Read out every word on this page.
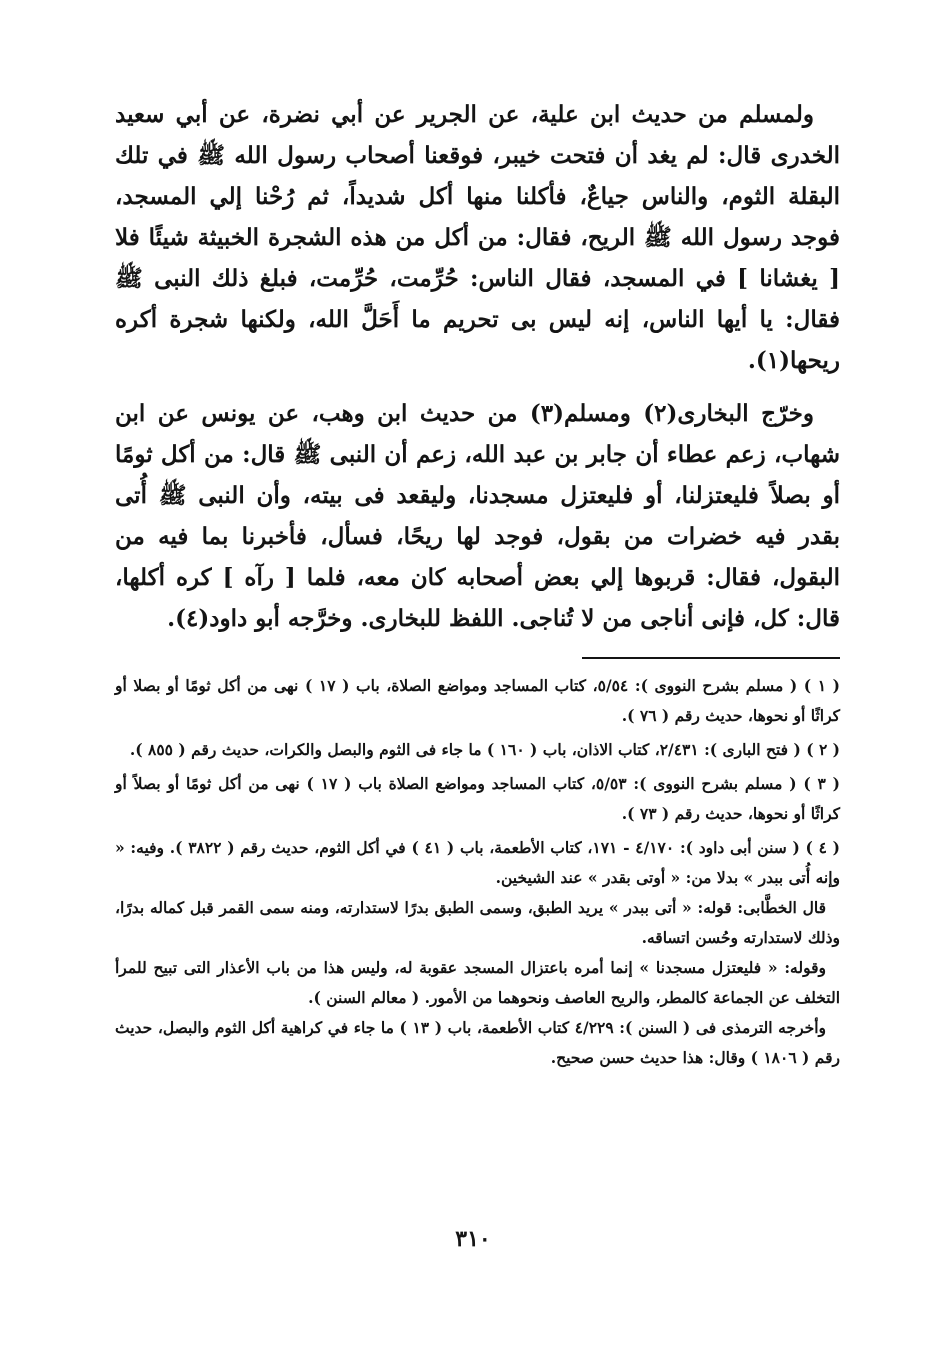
ولمسلم من حديث ابن علية، عن الجرير عن أبي نضرة، عن أبي سعيد الخدرى قال: لم يغد أن فتحت خيبر، فوقعنا أصحاب رسول الله ﷺ في تلك البقلة الثوم، والناس جياعٌ، فأكلنا منها أكل شديداً، ثم رُحْنا إلي المسجد، فوجد رسول الله ﷺ الريح، فقال: من أكل من هذه الشجرة الخبيثة شيئًا فلا [ يغشانا ] في المسجد، فقال الناس: حُرِّمت، حُرِّمت، فبلغ ذلك النبى ﷺ فقال: يا أيها الناس، إنه ليس بى تحريم ما أَحَلَّ الله، ولكنها شجرة أكره ريحها(١).

وخرّج البخارى(٢) ومسلم(٣) من حديث ابن وهب، عن يونس عن ابن شهاب، زعم عطاء أن جابر بن عبد الله، زعم أن النبى ﷺ قال: من أكل ثومًا أو بصلاً فليعتزلنا، أو فليعتزل مسجدنا، وليقعد فى بيته، وأن النبى ﷺ أُتى بقدر فيه خضرات من بقول، فوجد لها ريحًا، فسأل، فأخبرنا بما فيه من البقول، فقال: قربوها إلي بعض أصحابه كان معه، فلما [ رآه ] كره أكلها، قال: كل، فإنى أناجى من لا تُناجى. اللفظ للبخارى. وخرَّجه أبو داود(٤).

( ١ ) ( مسلم بشرح النووى ): ٥/٥٤، كتاب المساجد ومواضع الصلاة، باب ( ١٧ ) نهى من أكل ثومًا أو بصلا أو كراثًا أو نحوها، حديث رقم ( ٧٦ ).

( ٢ ) ( فتح البارى ): ٢/٤٣١، كتاب الاذان، باب ( ١٦٠ ) ما جاء فى الثوم والبصل والكرات، حديث رقم ( ٨٥٥ ).

( ٣ ) ( مسلم بشرح النووى ): ٥/٥٣، كتاب المساجد ومواضع الصلاة باب ( ١٧ ) نهى من أكل ثومًا أو بصلاً أو كراثًا أو نحوها، حديث رقم ( ٧٣ ).

( ٤ ) ( سنن أبى داود ): ٤/١٧٠ - ١٧١، كتاب الأطعمة، باب ( ٤١ ) في أكل الثوم، حديث رقم ( ٣٨٢٢ ). وفيه: « وإنه أُتى ببدر » بدلا من: « أوتى بقدر » عند الشيخين.

قال الخطَّابى: قوله: « أتى ببدر » يريد الطبق، وسمى الطبق بدرًا لاستدارته، ومنه سمى القمر قبل كماله بدرًا، وذلك لاستدارته وحُسن اتساقه.

وقوله: « فليعتزل مسجدنا » إنما أمره باعتزال المسجد عقوبة له، وليس هذا من باب الأعذار التى تبيح للمرأ التخلف عن الجماعة كالمطر، والريح العاصف ونحوهما من الأمور. ( معالم السنن ).

وأخرجه الترمذى فى ( السنن ): ٤/٢٢٩ كتاب الأطعمة، باب ( ١٣ ) ما جاء في كراهية أكل الثوم والبصل، حديث رقم ( ١٨٠٦ ) وقال: هذا حديث حسن صحيح.

٣١٠
